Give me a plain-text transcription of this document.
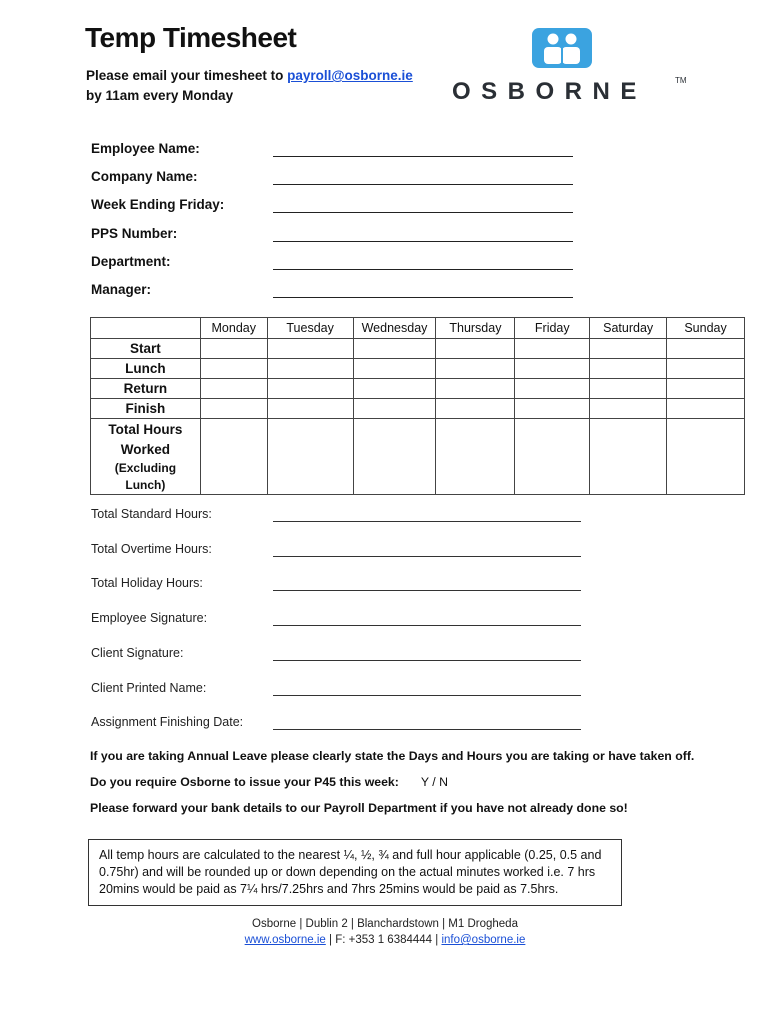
Temp Timesheet
Please email your timesheet to payroll@osborne.ie
by 11am every Monday	OSBORNE	TM
Employee Name:
Company Name:
Week Ending Friday:
PPS Number:
Department:
Manager:
	Monday	Tuesday	Wednesday	Thursday	Friday	Saturday	Sunday
Start							
Lunch							
Return							
Finish							

Total Hours
Worked
(Excluding
Lunch)							

Total Standard Hours:
Total Overtime Hours:
Total Holiday Hours:
Employee Signature:
Client Signature:
Client Printed Name:
Assignment Finishing Date:
If you are taking Annual Leave please clearly state the Days and Hours you are taking or have taken off.
Do you require Osborne to issue your P45 this week: Y / N
Please forward your bank details to our Payroll Department if you have not already done so!
All temp hours are calculated to the nearest ¼, ½, ¾ and full hour applicable (0.25, 0.5 and
0.75hr) and will be rounded up or down depending on the actual minutes worked i.e. 7 hrs
20mins would be paid as 7¼ hrs/7.25hrs and 7hrs 25mins would be paid as 7.5hrs.
Osborne | Dublin 2 | Blanchardstown | M1 Drogheda
www.osborne.ie | F: +353 1 6384444 | info@osborne.ie
